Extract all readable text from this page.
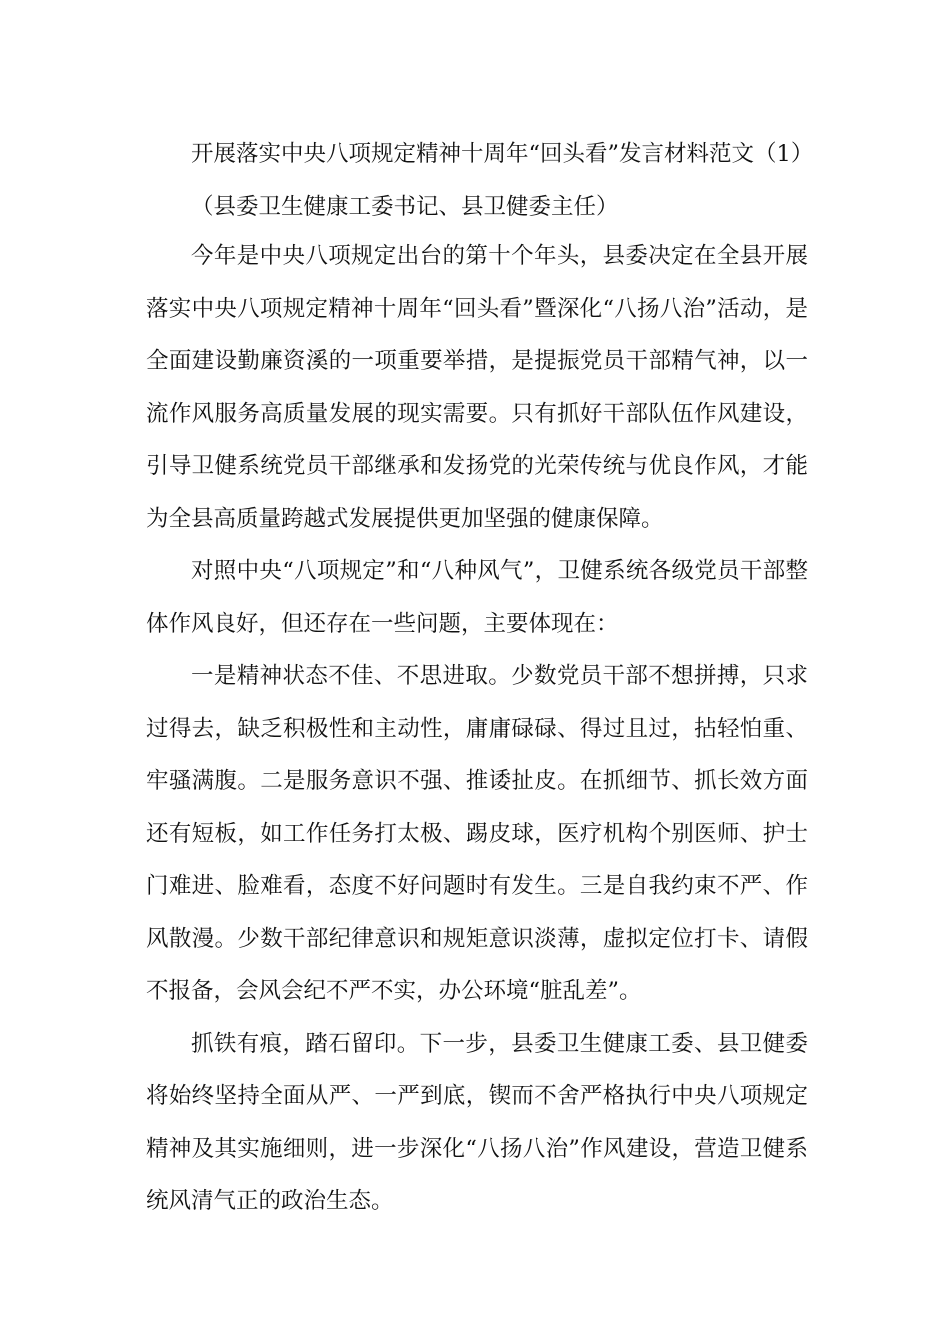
开展落实中央八项规定精神十周年“回头看”发言材料范文（1）

（县委卫生健康工委书记、县卫健委主任）

今年是中央八项规定出台的第十个年头，县委决定在全县开展落实中央八项规定精神十周年“回头看”暨深化“八扬八治”活动，是全面建设勤廉资溪的一项重要举措，是提振党员干部精气神，以一流作风服务高质量发展的现实需要。只有抓好干部队伍作风建设，引导卫健系统党员干部继承和发扬党的光荣传统与优良作风，才能为全县高质量跨越式发展提供更加坚强的健康保障。

对照中央“八项规定”和“八种风气”，卫健系统各级党员干部整体作风良好，但还存在一些问题，主要体现在：

一是精神状态不佳、不思进取。少数党员干部不想拼搏，只求过得去，缺乏积极性和主动性，庸庸碌碌、得过且过，拈轻怕重、牢骚满腹。二是服务意识不强、推诿扯皮。在抓细节、抓长效方面还有短板，如工作任务打太极、踢皮球，医疗机构个别医师、护士门难进、脸难看，态度不好问题时有发生。三是自我约束不严、作风散漫。少数干部纪律意识和规矩意识淡薄，虚拟定位打卡、请假不报备，会风会纪不严不实，办公环境“脏乱差”。

抓铁有痕，踏石留印。下一步，县委卫生健康工委、县卫健委将始终坚持全面从严、一严到底，锲而不舍严格执行中央八项规定精神及其实施细则，进一步深化“八扬八治”作风建设，营造卫健系统风清气正的政治生态。
